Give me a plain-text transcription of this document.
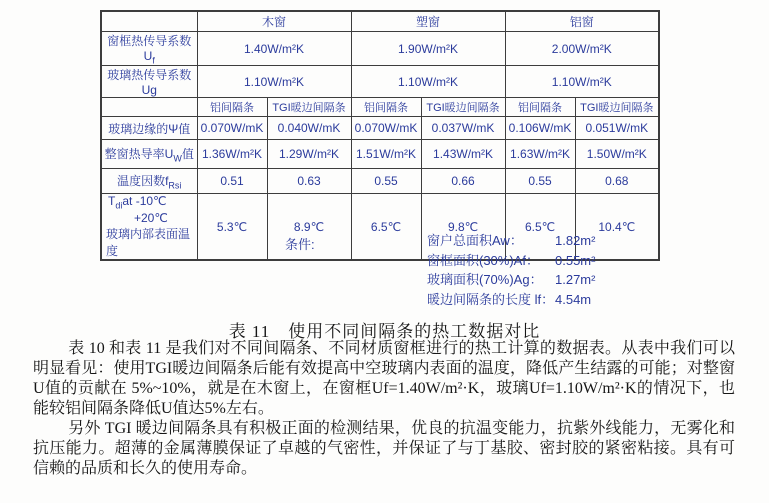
	木窗		塑窗		铝窗	
窗框热传导系数$U_f$	1.40W/m²K		1.90W/m²K		2.00W/m²K	
玻璃热传导系数Ug	1.10W/m²K		1.10W/m²K		1.10W/m²K	
	铝间隔条	TGI暖边间隔条	铝间隔条	TGI暖边间隔条	铝间隔条	TGI暖边间隔条
玻璃边缘的Ψ值	0.070W/mK	0.040W/mK	0.070W/mK	0.037W/mK	0.106W/mK	0.051W/mK
整窗热导率$U_W$值	1.36W/m²K	1.29W/m²K	1.51W/m²K	1.43W/m²K	1.63W/m²K	1.50W/m²K
温度因数$f_{Rsi}$	0.51	0.63	0.55	0.66	0.55	0.68

$T_{di}at$ -10℃
+20℃
玻璃内部表面温度	5.3℃	8.9℃	6.5℃	9.8℃	6.5℃	10.4℃
条件:	窗户总面积Aw：	1.82m²
窗框面积(30%)Af：	0.55m²
玻璃面积(70%)Ag： 1.27m²
暖边间隔条的长度 lf： 4.54m
表 11　使用不同间隔条的热工数据对比

表 10 和表 11 是我们对不同间隔条、不同材质窗框进行的热工计算的数据表。从表中我们可以明显看见：使用TGI暖边间隔条后能有效提高中空玻璃内表面的温度，降低产生结露的可能；对整窗U值的贡献在 5%~10%，就是在木窗上，在窗框Uf=1.40W/m²·K，玻璃Uf=1.10W/m²·K的情况下，也能较铝间隔条降低U值达5%左右。

另外 TGI 暖边间隔条具有积极正面的检测结果，优良的抗温变能力，抗紫外线能力，无雾化和抗压能力。超薄的金属薄膜保证了卓越的气密性，并保证了与丁基胶、密封胶的紧密粘接。具有可信赖的品质和长久的使用寿命。
